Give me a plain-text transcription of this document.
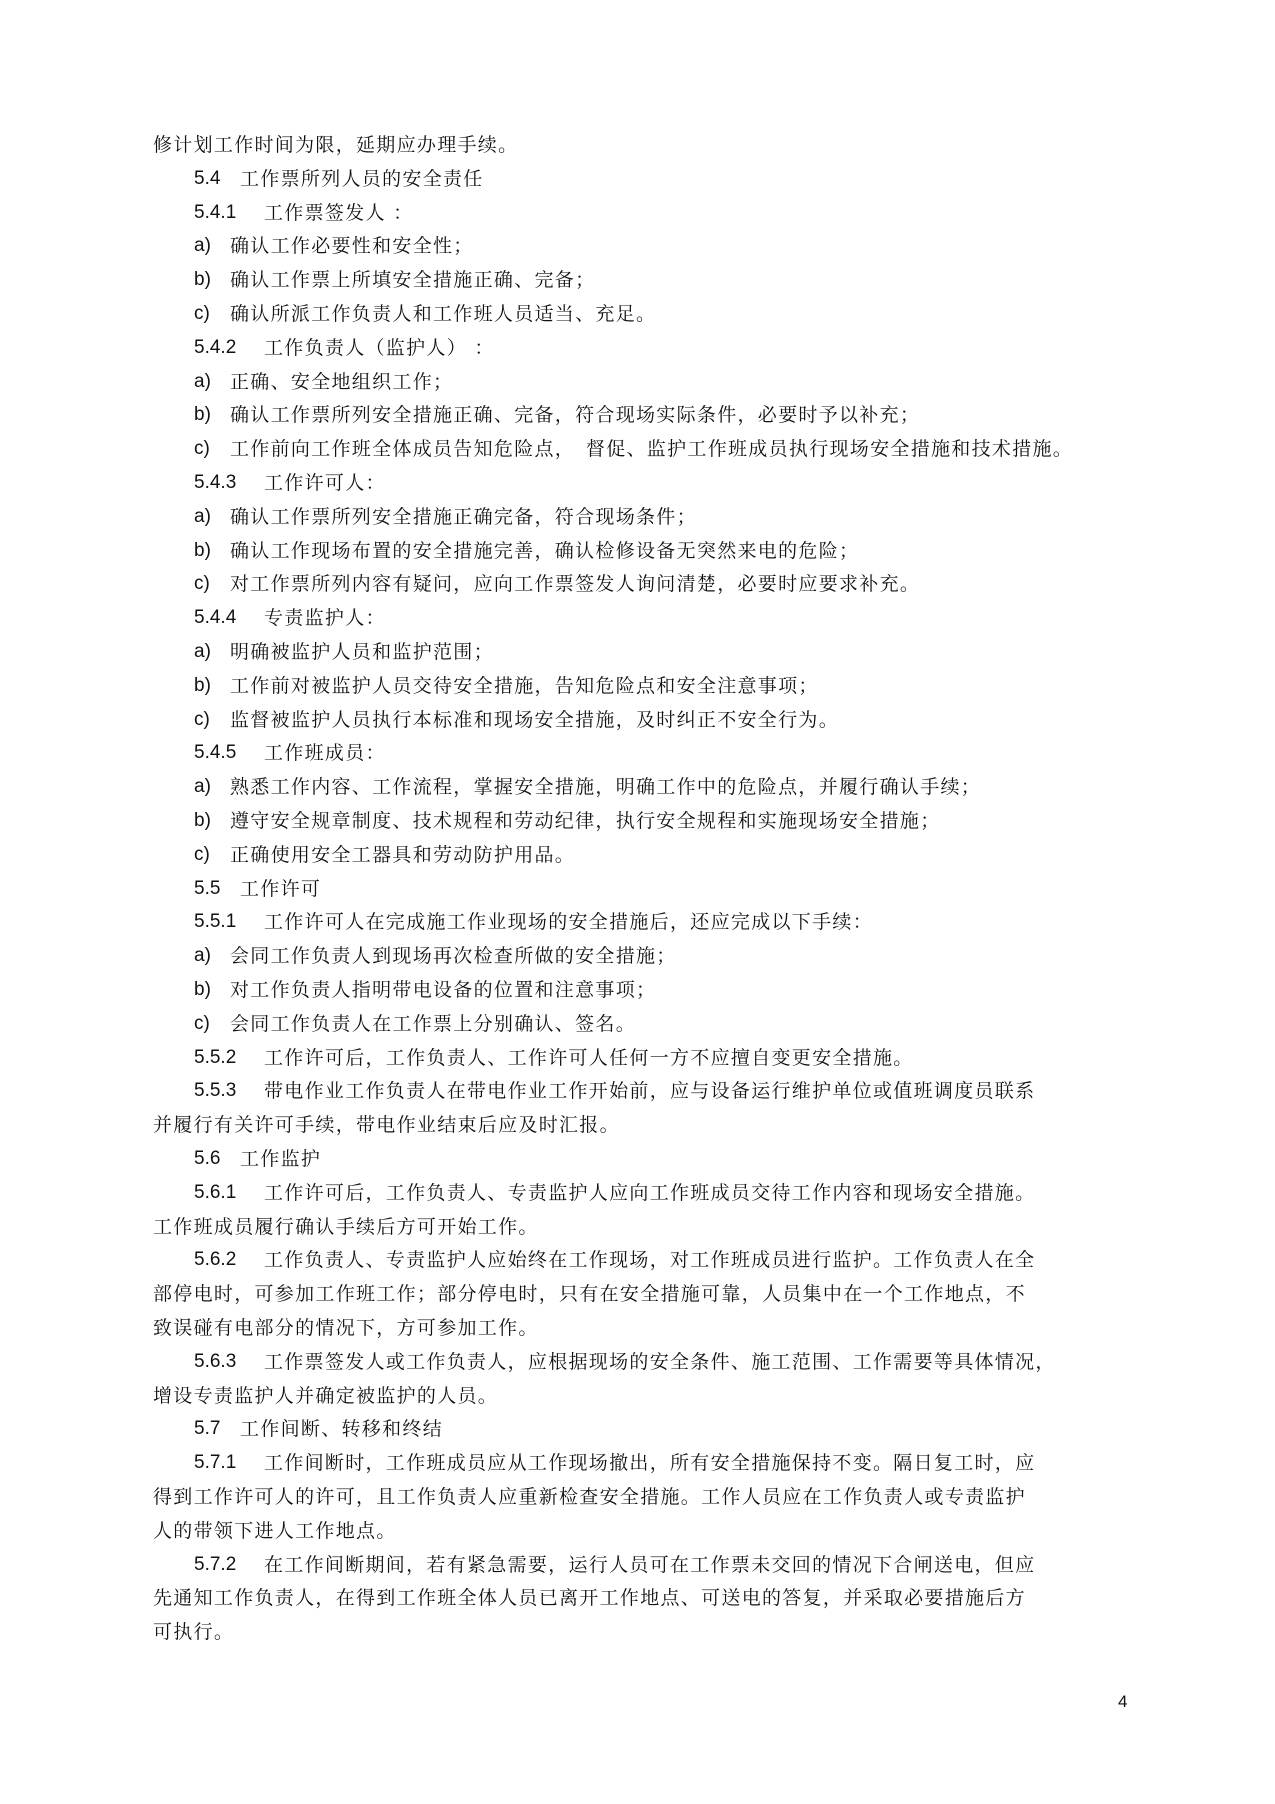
修计划工作时间为限，延期应办理手续。
5.4 工作票所列人员的安全责任
5.4.1 工作票签发人 ：
a) 确认工作必要性和安全性；
b) 确认工作票上所填安全措施正确、完备；
c) 确认所派工作负责人和工作班人员适当、充足。
5.4.2 工作负责人（监护人） ：
a) 正确、安全地组织工作；
b) 确认工作票所列安全措施正确、完备，符合现场实际条件，必要时予以补充；
c) 工作前向工作班全体成员告知危险点，　督促、监护工作班成员执行现场安全措施和技术措施。
5.4.3 工作许可人：
a) 确认工作票所列安全措施正确完备，符合现场条件；
b) 确认工作现场布置的安全措施完善，确认检修设备无突然来电的危险；
c) 对工作票所列内容有疑问，应向工作票签发人询问清楚，必要时应要求补充。
5.4.4 专责监护人：
a) 明确被监护人员和监护范围；
b) 工作前对被监护人员交待安全措施，告知危险点和安全注意事项；
c) 监督被监护人员执行本标准和现场安全措施，及时纠正不安全行为。
5.4.5 工作班成员：
a) 熟悉工作内容、工作流程，掌握安全措施，明确工作中的危险点，并履行确认手续；
b) 遵守安全规章制度、技术规程和劳动纪律，执行安全规程和实施现场安全措施；
c) 正确使用安全工器具和劳动防护用品。
5.5 工作许可
5.5.1 工作许可人在完成施工作业现场的安全措施后，还应完成以下手续：
a) 会同工作负责人到现场再次检查所做的安全措施；
b) 对工作负责人指明带电设备的位置和注意事项；
c) 会同工作负责人在工作票上分别确认、签名。
5.5.2 工作许可后，工作负责人、工作许可人任何一方不应擅自变更安全措施。
5.5.3 带电作业工作负责人在带电作业工作开始前，应与设备运行维护单位或值班调度员联系
并履行有关许可手续，带电作业结束后应及时汇报。
5.6 工作监护
5.6.1 工作许可后，工作负责人、专责监护人应向工作班成员交待工作内容和现场安全措施。
工作班成员履行确认手续后方可开始工作。
5.6.2 工作负责人、专责监护人应始终在工作现场，对工作班成员进行监护。工作负责人在全
部停电时，可参加工作班工作；部分停电时，只有在安全措施可靠，人员集中在一个工作地点，不
致误碰有电部分的情况下，方可参加工作。
5.6.3 工作票签发人或工作负责人，应根据现场的安全条件、施工范围、工作需要等具体情况，
增设专责监护人并确定被监护的人员。
5.7 工作间断、转移和终结
5.7.1 工作间断时，工作班成员应从工作现场撤出，所有安全措施保持不变。隔日复工时，应
得到工作许可人的许可，且工作负责人应重新检查安全措施。工作人员应在工作负责人或专责监护
人的带领下进人工作地点。
5.7.2 在工作间断期间，若有紧急需要，运行人员可在工作票未交回的情况下合闸送电，但应
先通知工作负责人，在得到工作班全体人员已离开工作地点、可送电的答复，并采取必要措施后方
可执行。
4
